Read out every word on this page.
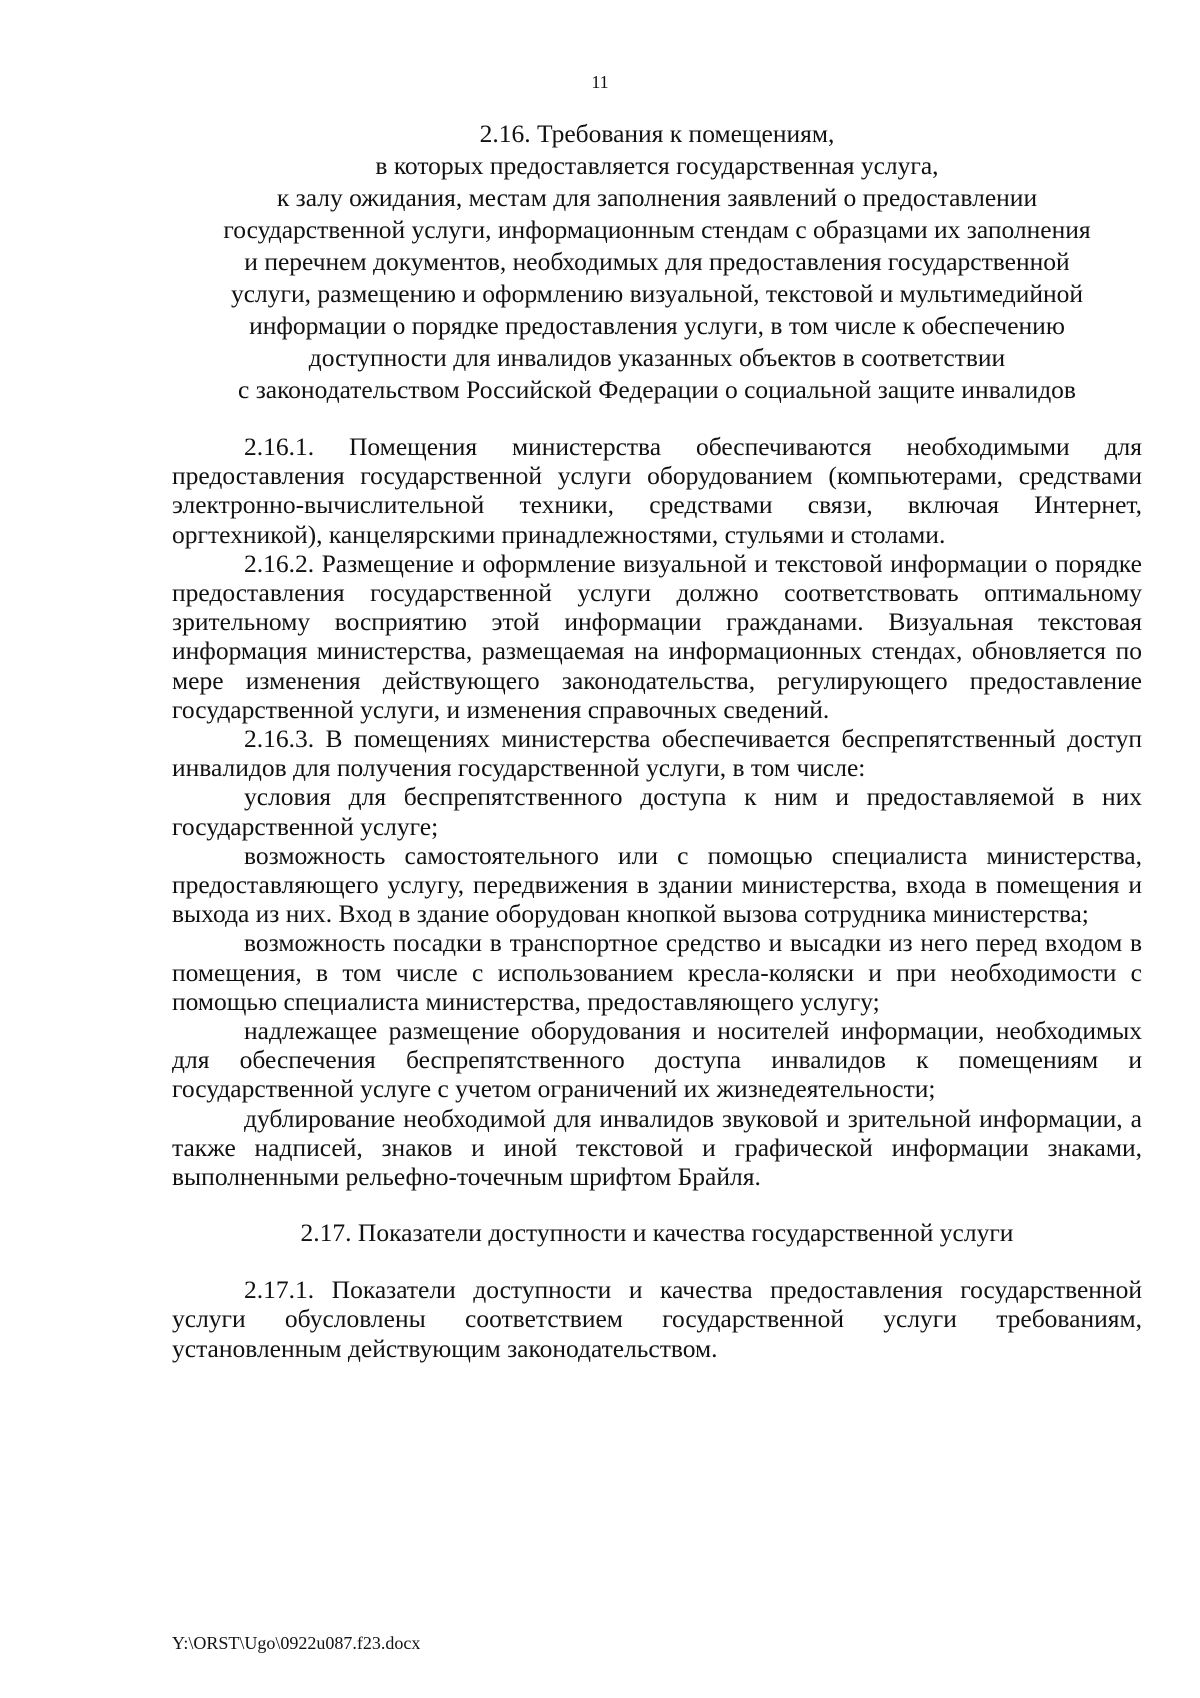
11
2.16. Требования к помещениям,
в которых предоставляется государственная услуга,
к залу ожидания, местам для заполнения заявлений о предоставлении
государственной услуги, информационным стендам с образцами их заполнения
и перечнем документов, необходимых для предоставления государственной
услуги, размещению и оформлению визуальной, текстовой и мультимедийной
информации о порядке предоставления услуги, в том числе к обеспечению
доступности для инвалидов указанных объектов в соответствии
с законодательством Российской Федерации о социальной защите инвалидов

2.16.1. Помещения министерства обеспечиваются необходимыми для предоставления государственной услуги оборудованием (компьютерами, средствами электронно-вычислительной техники, средствами связи, включая Интернет, оргтехникой), канцелярскими принадлежностями, стульями и столами.

2.16.2. Размещение и оформление визуальной и текстовой информации о порядке предоставления государственной услуги должно соответствовать оптимальному зрительному восприятию этой информации гражданами. Визуальная текстовая информация министерства, размещаемая на информационных стендах, обновляется по мере изменения действующего законодательства, регулирующего предоставление государственной услуги, и изменения справочных сведений.

2.16.3. В помещениях министерства обеспечивается беспрепятственный доступ инвалидов для получения государственной услуги, в том числе:

условия для беспрепятственного доступа к ним и предоставляемой в них государственной услуге;

возможность самостоятельного или с помощью специалиста министерства, предоставляющего услугу, передвижения в здании министерства, входа в помещения и выхода из них. Вход в здание оборудован кнопкой вызова сотрудника министерства;

возможность посадки в транспортное средство и высадки из него перед входом в помещения, в том числе с использованием кресла-коляски и при необходимости с помощью специалиста министерства, предоставляющего услугу;

надлежащее размещение оборудования и носителей информации, необходимых для обеспечения беспрепятственного доступа инвалидов к помещениям и государственной услуге с учетом ограничений их жизнедеятельности;

дублирование необходимой для инвалидов звуковой и зрительной информации, а также надписей, знаков и иной текстовой и графической информации знаками, выполненными рельефно-точечным шрифтом Брайля.

2.17. Показатели доступности и качества государственной услуги

2.17.1. Показатели доступности и качества предоставления государственной услуги обусловлены соответствием государственной услуги требованиям, установленным действующим законодательством.

Y:\ORST\Ugo\0922u087.f23.docx
